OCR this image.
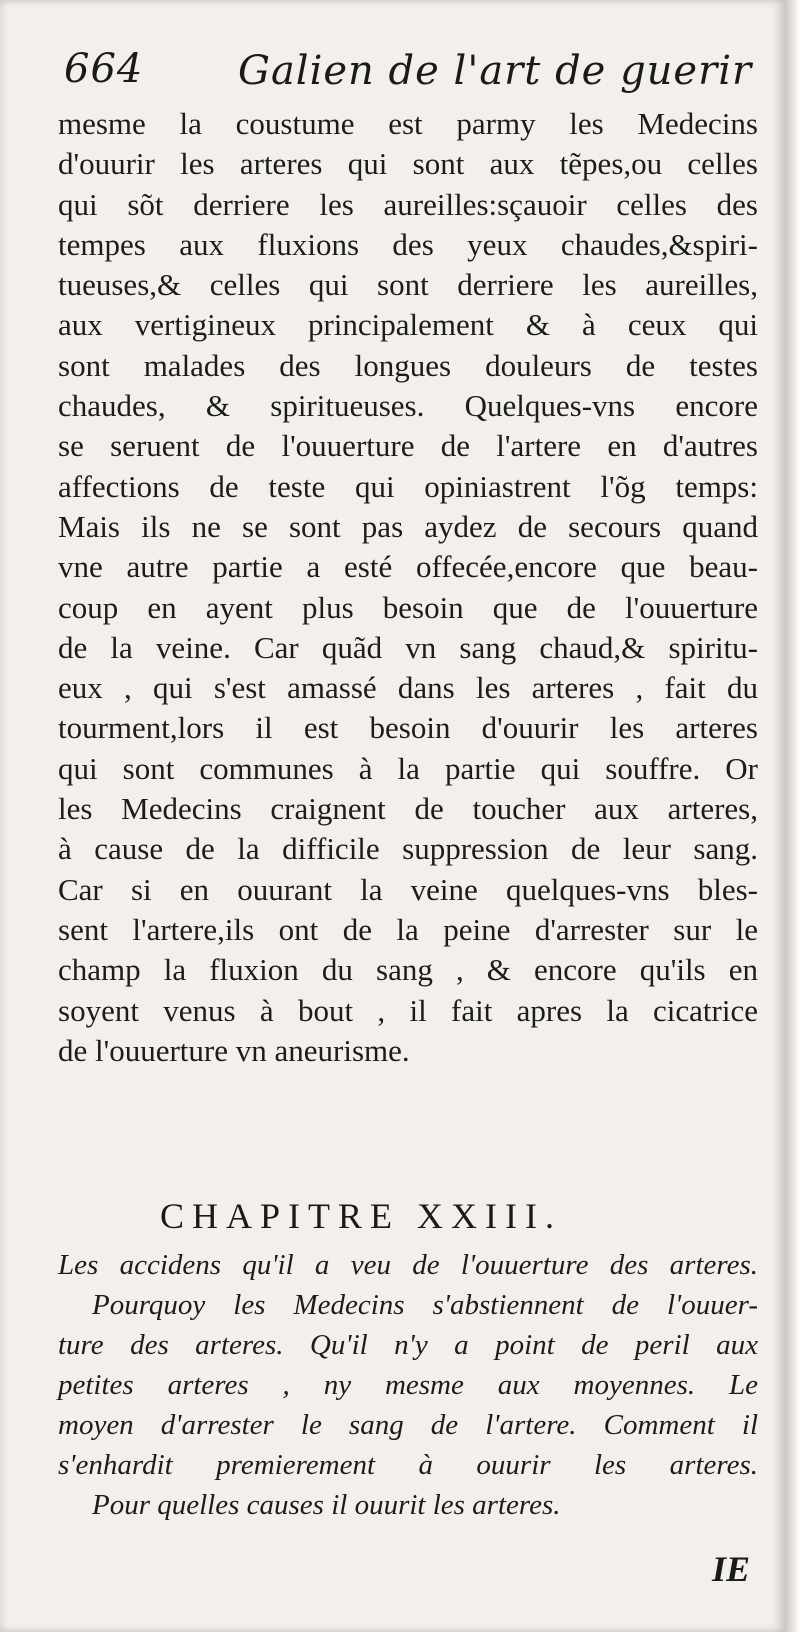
664 Galien de l'art de guerir
mesme la coustume est parmy les Medecins
d'ouurir les arteres qui sont aux tẽpes,ou celles
qui sõt derriere les aureilles:sçauoir celles des
tempes aux fluxions des yeux chaudes,&spiri-
tueuses,& celles qui sont derriere les aureilles,
aux vertigineux principalement & à ceux qui
sont malades des longues douleurs de testes
chaudes, & spiritueuses. Quelques-vns encore
se seruent de l'ouuerture de l'artere en d'autres
affections de teste qui opiniastrent l'õg temps:
Mais ils ne se sont pas aydez de secours quand
vne autre partie a esté offecée,encore que beau-
coup en ayent plus besoin que de l'ouuerture
de la veine. Car quãd vn sang chaud,& spiritu-
eux , qui s'est amassé dans les arteres , fait du
tourment,lors il est besoin d'ouurir les arteres
qui sont communes à la partie qui souffre. Or
les Medecins craignent de toucher aux arteres,
à cause de la difficile suppression de leur sang.
Car si en ouurant la veine quelques-vns bles-
sent l'artere,ils ont de la peine d'arrester sur le
champ la fluxion du sang , & encore qu'ils en
soyent venus à bout , il fait apres la cicatrice
de l'ouuerture vn aneurisme.
CHAPITRE XXIII.
Les accidens qu'il a veu de l'ouuerture des arteres.
Pourquoy les Medecins s'abstiennent de l'ouuer-
ture des arteres. Qu'il n'y a point de peril aux
petites arteres , ny mesme aux moyennes. Le
moyen d'arrester le sang de l'artere. Comment il
s'enhardit premierement à ouurir les arteres.
Pour quelles causes il ouurit les arteres.
IE
